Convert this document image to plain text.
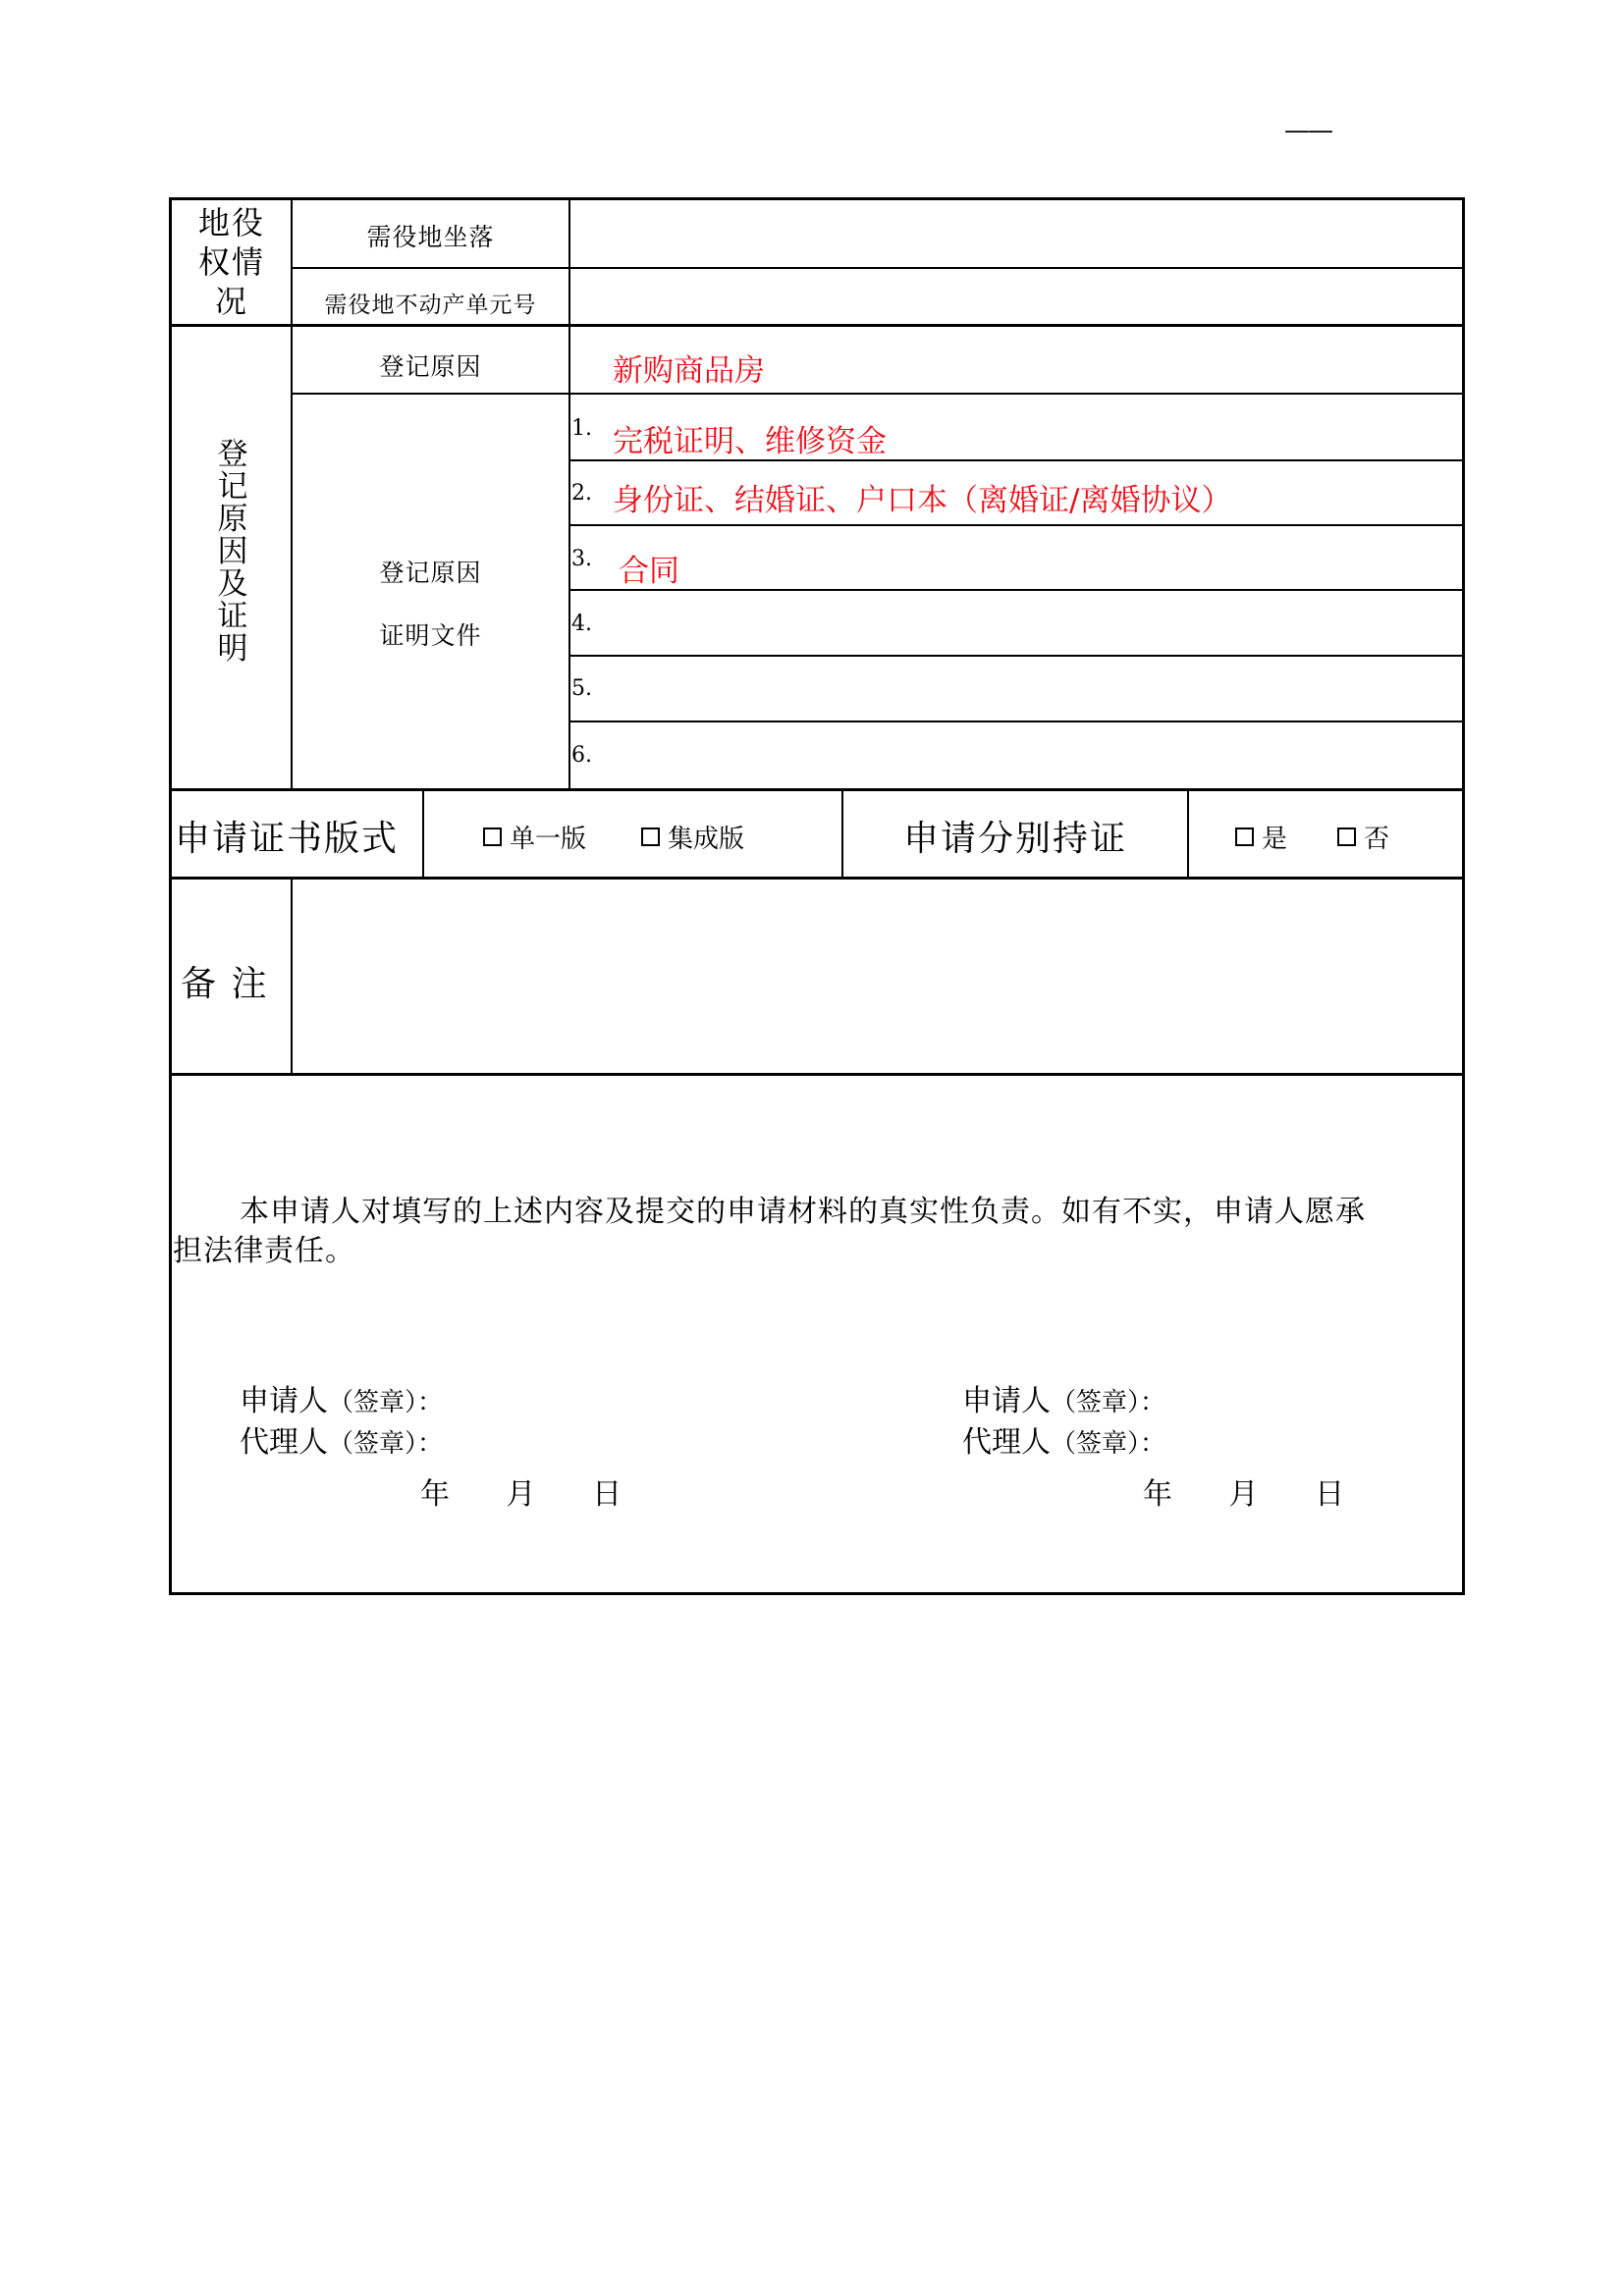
——
地役权情况
需役地坐落
需役地不动产单元号
登记原因及证明
登记原因	新购商品房
登记原因
证明文件
1. 完税证明、维修资金
2. 身份证、结婚证、户口本（离婚证/离婚协议）
3. 合同
4.
5.
6.
申请证书版式	单一版	集成版	申请分别持证	是	否
备 注
本申请人对填写的上述内容及提交的申请材料的真实性负责。如有不实，申请人愿承
担法律责任。
申请人（签章）：
代理人（签章）：
年 月 日
申请人（签章）：
代理人（签章）：
年 月 日
